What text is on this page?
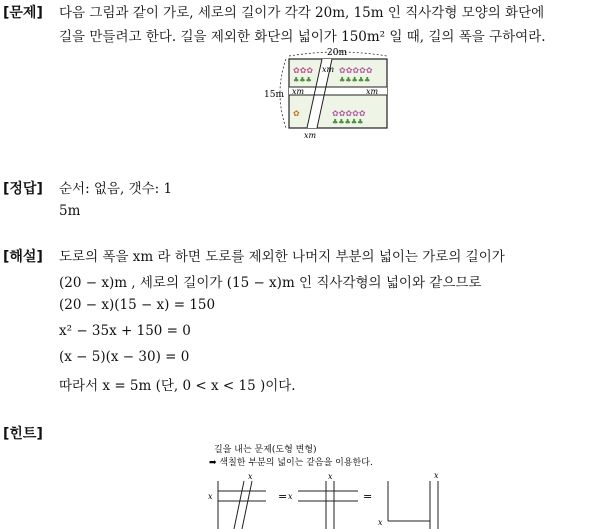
[문제] 다음 그림과 같이 가로, 세로의 길이가 각각 20m, 15m 인 직사각형 모양의 화단에
길을 만들려고 한다. 길을 제외한 화단의 넓이가 150m² 일 때, 길의 폭을 구하여라.
✿✿✿
♣♣♣
✿✿✿✿✿
♣♣♣♣♣
✿	✿✿✿✿✿
♣♣♣♣♣
20m
15m
xm
xm	xm
xm
[정답] 순서: 없음, 갯수: 1
5m
[해설] 도로의 폭을 xm 라 하면 도로를 제외한 나머지 부분의 넓이는 가로의 길이가
(20 − x)m , 세로의 길이가 (15 − x)m 인 직사각형의 넓이와 같으므로
(20 − x)(15 − x) = 150
x² − 35x + 150 = 0
(x − 5)(x − 30) = 0
따라서 x = 5m (단, 0 < x < 15 )이다.
[힌트]
길을 내는 문제(도형 변형)
➡ 색칠한 부분의 넓이는 같음을 이용한다.
x
x
= x
x
=
x
x
